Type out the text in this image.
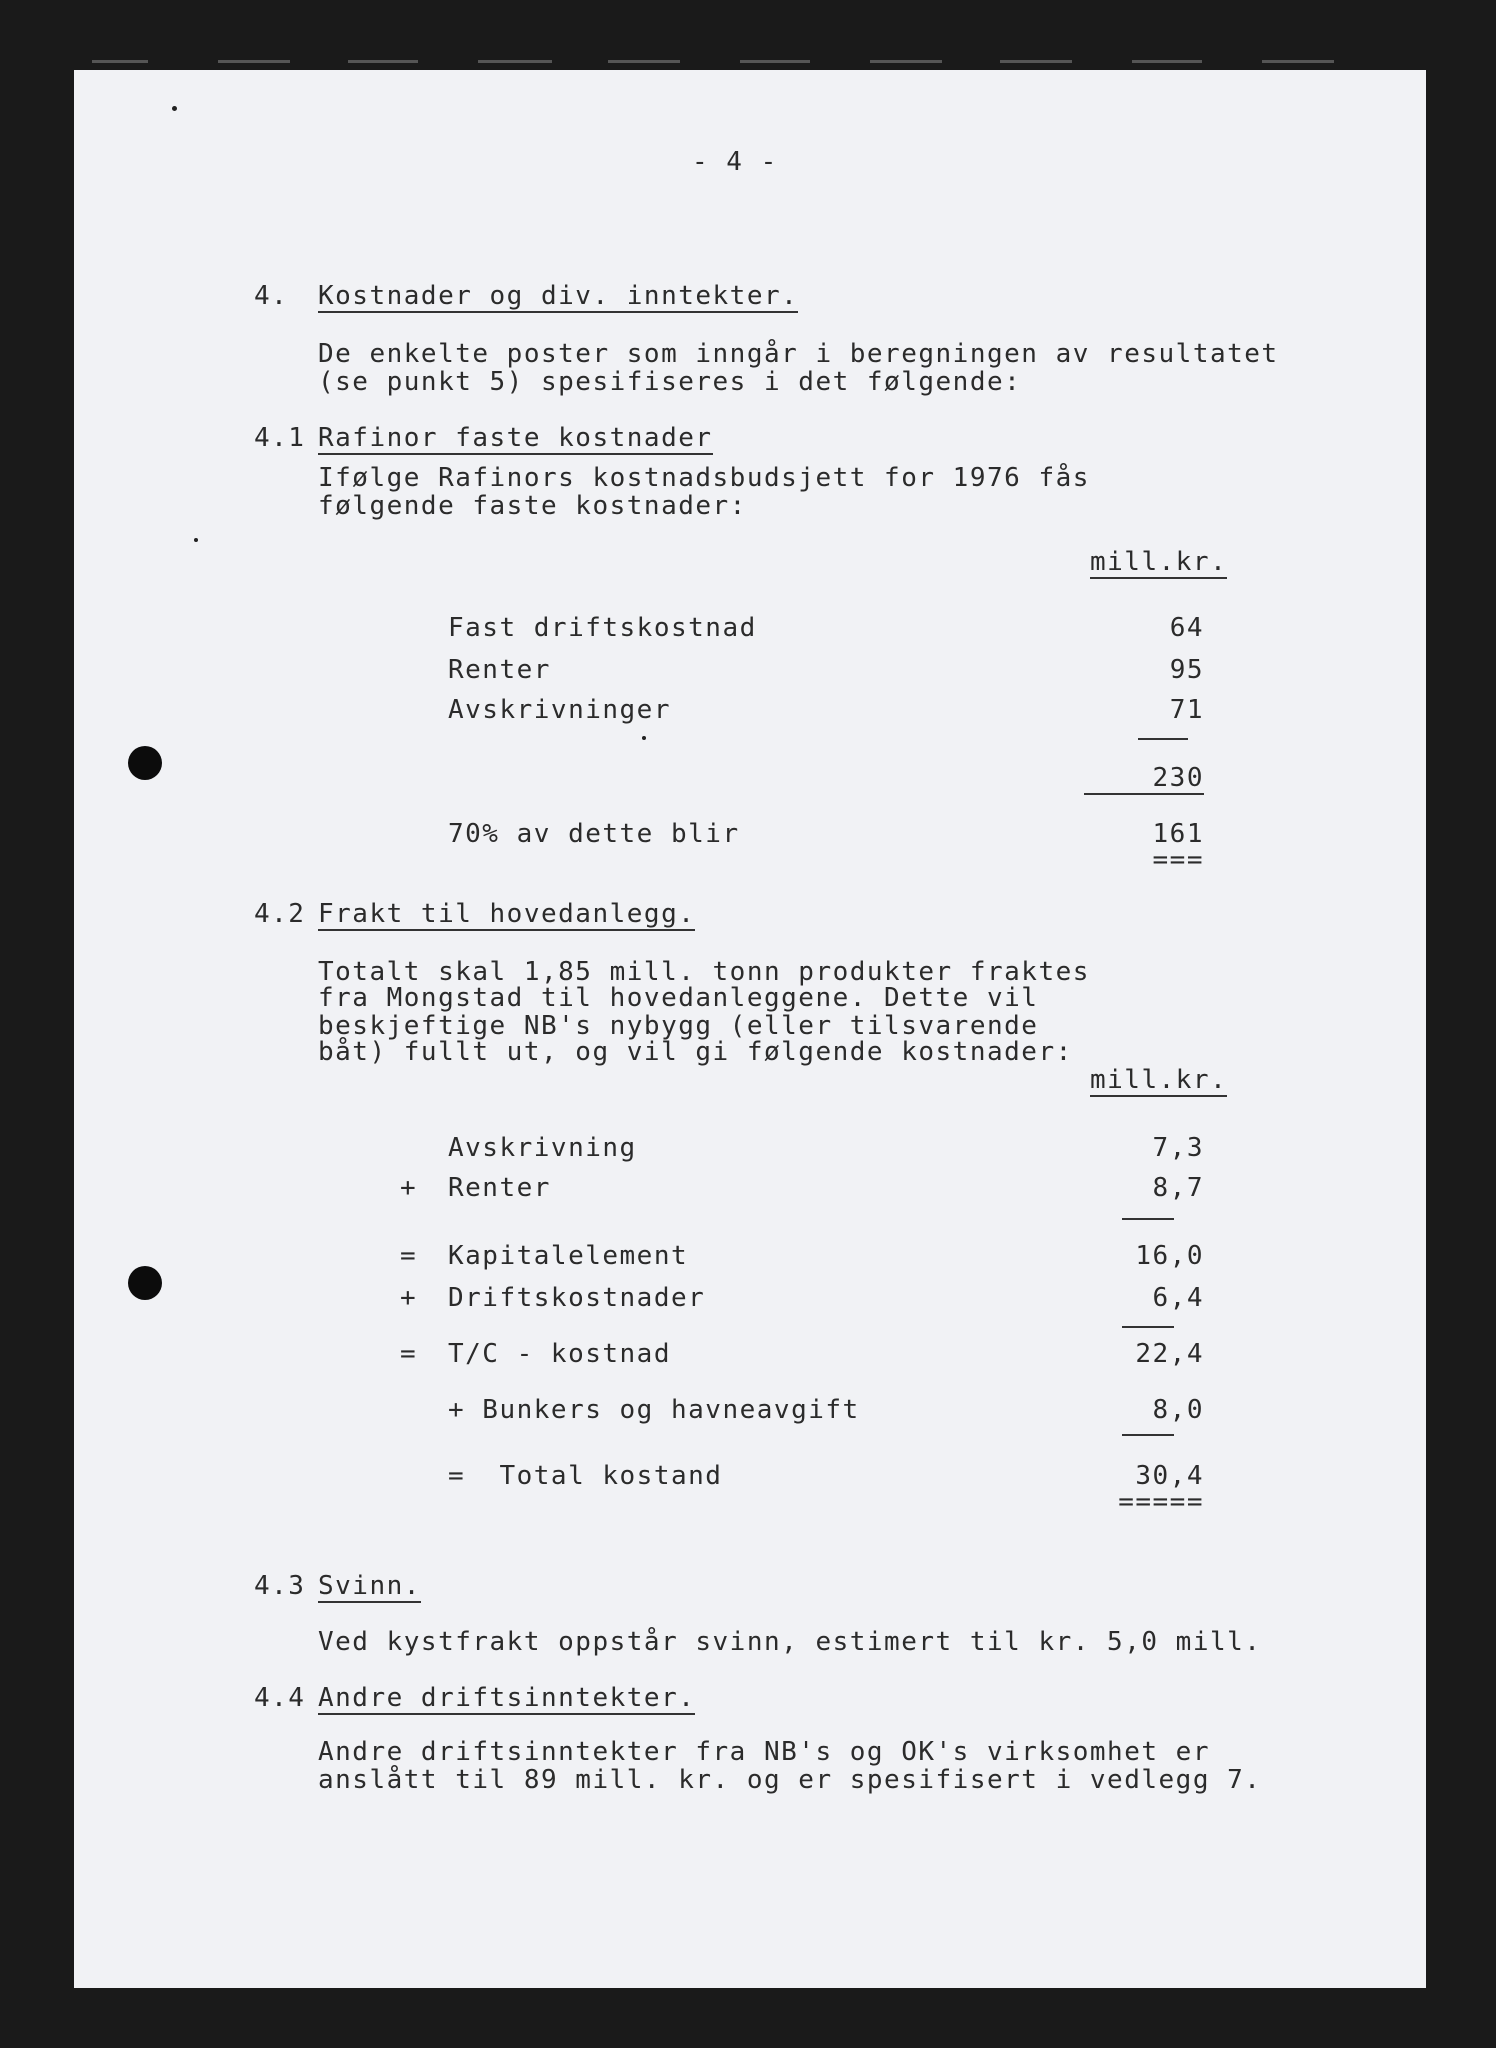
- 4 -
4. Kostnader og div. inntekter.
De enkelte poster som inngår i beregningen av resultatet
(se punkt 5) spesifiseres i det følgende:
4.1 Rafinor faste kostnader
Ifølge Rafinors kostnadsbudsjett for 1976 fås
følgende faste kostnader:
mill.kr.
Fast driftskostnad	64
Renter	95
Avskrivninger	71
230
70% av dette blir	161
===
4.2 Frakt til hovedanlegg.
Totalt skal 1,85 mill. tonn produkter fraktes
fra Mongstad til hovedanleggene. Dette vil
beskjeftige NB's nybygg (eller tilsvarende
båt) fullt ut, og vil gi følgende kostnader:
mill.kr.
Avskrivning	7,3
+ Renter	8,7
= Kapitalelement	16,0
+ Driftskostnader	6,4
= T/C - kostnad	22,4
+ Bunkers og havneavgift	8,0
=  Total kostand	30,4
=====
4.3 Svinn.
Ved kystfrakt oppstår svinn, estimert til kr. 5,0 mill.
4.4 Andre driftsinntekter.
Andre driftsinntekter fra NB's og OK's virksomhet er
anslått til 89 mill. kr. og er spesifisert i vedlegg 7.
